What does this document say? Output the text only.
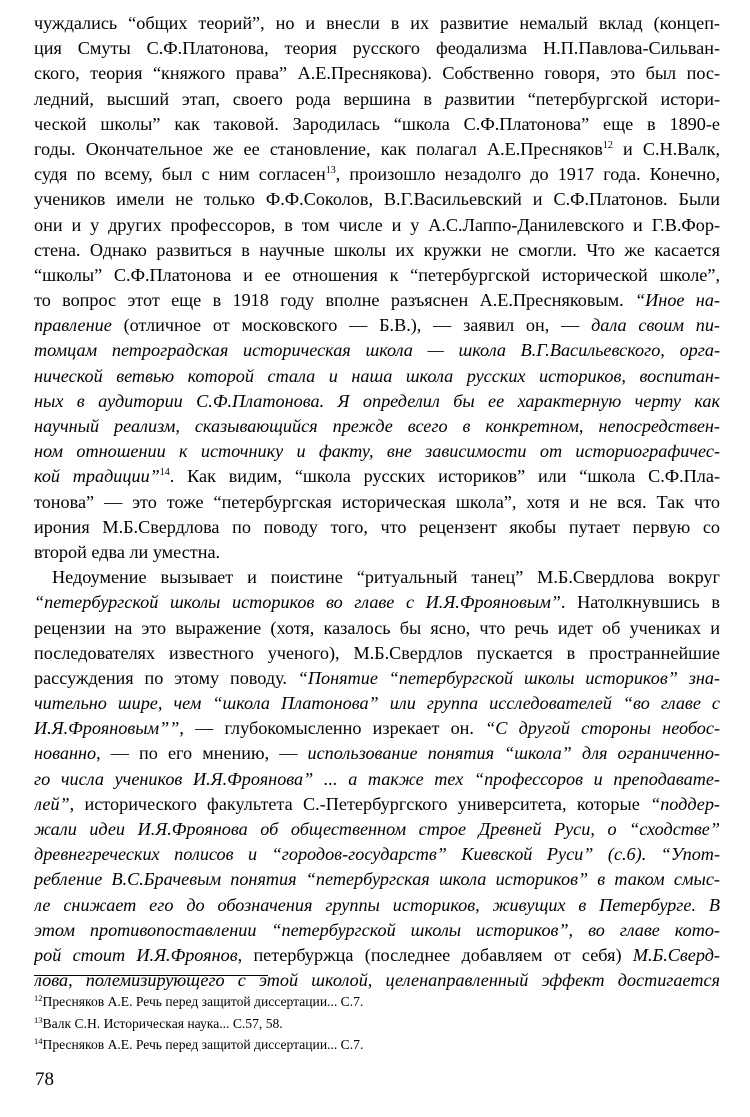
чуждались “общих теорий”, но и внесли в их развитие немалый вклад (концеп-
ция Смуты С.Ф.Платонова, теория русского феодализма Н.П.Павлова-Сильван-
ского, теория “княжого права” А.Е.Преснякова). Собственно говоря, это был пос-
ледний, высший этап, своего рода вершина в развитии “петербургской истори-
ческой школы” как таковой. Зародилась “школа С.Ф.Платонова” еще в 1890-е
годы. Окончательное же ее становление, как полагал А.Е.Пресняков$^{12}$ и С.Н.Валк,
судя по всему, был с ним согласен$^{13}$, произошло незадолго до 1917 года. Конечно,
учеников имели не только Ф.Ф.Соколов, В.Г.Васильевский и С.Ф.Платонов. Были
они и у других профессоров, в том числе и у А.С.Лаппо-Данилевского и Г.В.Фор-
стена. Однако развиться в научные школы их кружки не смогли. Что же касается
“школы” С.Ф.Платонова и ее отношения к “петербургской исторической школе”,
то вопрос этот еще в 1918 году вполне разъяснен А.Е.Пресняковым. “Иное на-
правление (отличное от московского — Б.В.), — заявил он, — дала своим пи-
томцам петроградская историческая школа — школа В.Г.Васильевского, орга-
нической ветвью которой стала и наша школа русских историков, воспитан-
ных в аудитории С.Ф.Платонова. Я определил бы ее характерную черту как
научный реализм, сказывающийся прежде всего в конкретном, непосредствен-
ном отношении к источнику и факту, вне зависимости от историографичес-
кой традиции”$^{14}$. Как видим, “школа русских историков” или “школа С.Ф.Пла-
тонова” — это тоже “петербургская историческая школа”, хотя и не вся. Так что
ирония М.Б.Свердлова по поводу того, что рецензент якобы путает первую со
второй едва ли уместна.
Недоумение вызывает и поистине “ритуальный танец” М.Б.Свердлова вокруг
“петербургской школы историков во главе с И.Я.Фрояновым”. Натолкнувшись в
рецензии на это выражение (хотя, казалось бы ясно, что речь идет об учениках и
последователях известного ученого), М.Б.Свердлов пускается в пространнейшие
рассуждения по этому поводу. “Понятие “петербургской школы историков” зна-
чительно шире, чем “школа Платонова” или группа исследователей “во главе с
И.Я.Фрояновым””, — глубокомысленно изрекает он. “С другой стороны необос-
нованно, — по его мнению, — использование понятия “школа” для ограниченно-
го числа учеников И.Я.Фроянова” ... а также тех “профессоров и преподавате-
лей”, исторического факультета С.-Петербургского университета, которые “поддер-
жали идеи И.Я.Фроянова об общественном строе Древней Руси, о “сходстве”
древнегреческих полисов и “городов-государств” Киевской Руси” (с.6). “Упот-
ребление В.С.Брачевым понятия “петербургская школа историков” в таком смыс-
ле снижает его до обозначения группы историков, живущих в Петербурге. В
этом противопоставлении “петербургской школы историков”, во главе кото-
рой стоит И.Я.Фроянов, петербуржца (последнее добавляем от себя) М.Б.Сверд-
лова, полемизирующего с этой школой, целенаправленный эффект достигается
$^{12}$Пресняков А.Е. Речь перед защитой диссертации... С.7.
$^{13}$Валк С.Н. Историческая наука... С.57, 58.
$^{14}$Пресняков А.Е. Речь перед защитой диссертации... С.7.
78
